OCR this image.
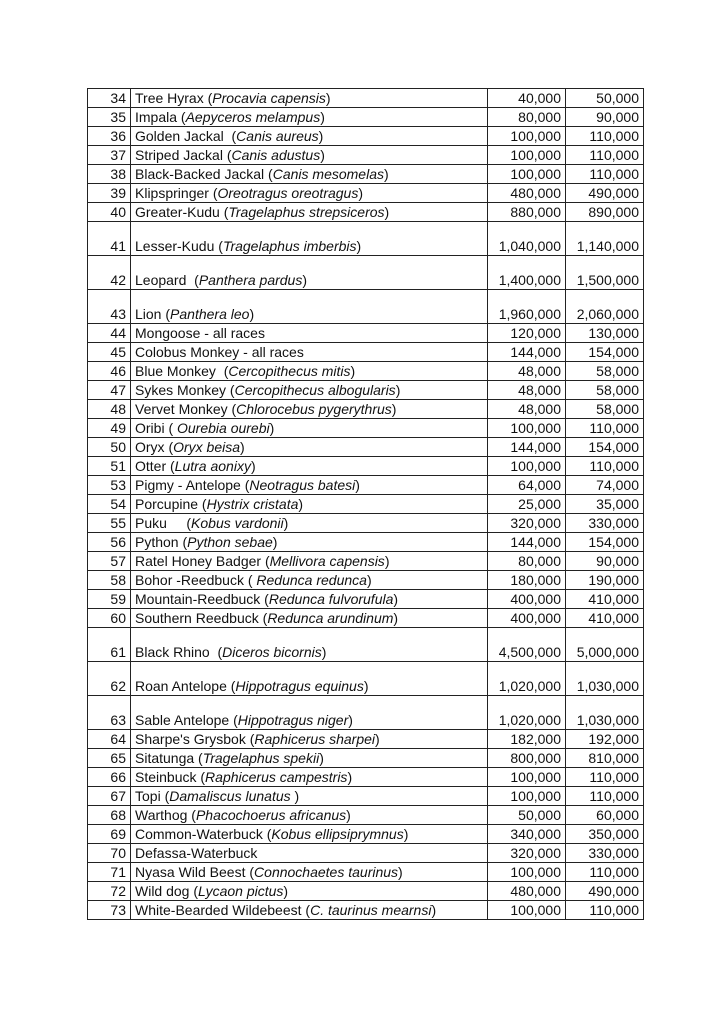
34	Tree Hyrax (Procavia capensis)	40,000	50,000
35	Impala (Aepyceros melampus)	80,000	90,000
36	Golden Jackal  (Canis aureus)	100,000	110,000
37	Striped Jackal (Canis adustus)	100,000	110,000
38	Black-Backed Jackal (Canis mesomelas)	100,000	110,000
39	Klipspringer (Oreotragus oreotragus)	480,000	490,000
40	Greater-Kudu (Tragelaphus strepsiceros)	880,000	890,000
41	Lesser-Kudu (Tragelaphus imberbis)	1,040,000	1,140,000

42	Leopard  (Panthera pardus)	1,400,000	1,500,000

43	Lion (Panthera leo)	1,960,000	2,060,000

44	Mongoose - all races	120,000	130,000
45	Colobus Monkey - all races	144,000	154,000
46	Blue Monkey  (Cercopithecus mitis)	48,000	58,000
47	Sykes Monkey (Cercopithecus albogularis)	48,000	58,000
48	Vervet Monkey (Chlorocebus pygerythrus)	48,000	58,000
49	Oribi ( Ourebia ourebi)	100,000	110,000
50	Oryx (Oryx beisa)	144,000	154,000
51	Otter (Lutra aonixy)	100,000	110,000
53	Pigmy - Antelope (Neotragus batesi)	64,000	74,000
54	Porcupine (Hystrix cristata)	25,000	35,000
55	Puku     (Kobus vardonii)	320,000	330,000
56	Python (Python sebae)	144,000	154,000
57	Ratel Honey Badger (Mellivora capensis)	80,000	90,000
58	Bohor -Reedbuck ( Redunca redunca)	180,000	190,000
59	Mountain-Reedbuck (Redunca fulvorufula)	400,000	410,000
60	Southern Reedbuck (Redunca arundinum)	400,000	410,000
61	Black Rhino  (Diceros bicornis)	4,500,000	5,000,000

62	Roan Antelope (Hippotragus equinus)	1,020,000	1,030,000

63	Sable Antelope (Hippotragus niger)	1,020,000	1,030,000

64	Sharpe's Grysbok (Raphicerus sharpei)	182,000	192,000
65	Sitatunga (Tragelaphus spekii)	800,000	810,000
66	Steinbuck (Raphicerus campestris)	100,000	110,000
67	Topi (Damaliscus lunatus )	100,000	110,000
68	Warthog (Phacochoerus africanus)	50,000	60,000
69	Common-Waterbuck (Kobus ellipsiprymnus)	340,000	350,000
70	Defassa-Waterbuck	320,000	330,000
71	Nyasa Wild Beest (Connochaetes taurinus)	100,000	110,000
72	Wild dog (Lycaon pictus)	480,000	490,000
73	White-Bearded Wildebeest (C. taurinus mearnsi)	100,000	110,000
